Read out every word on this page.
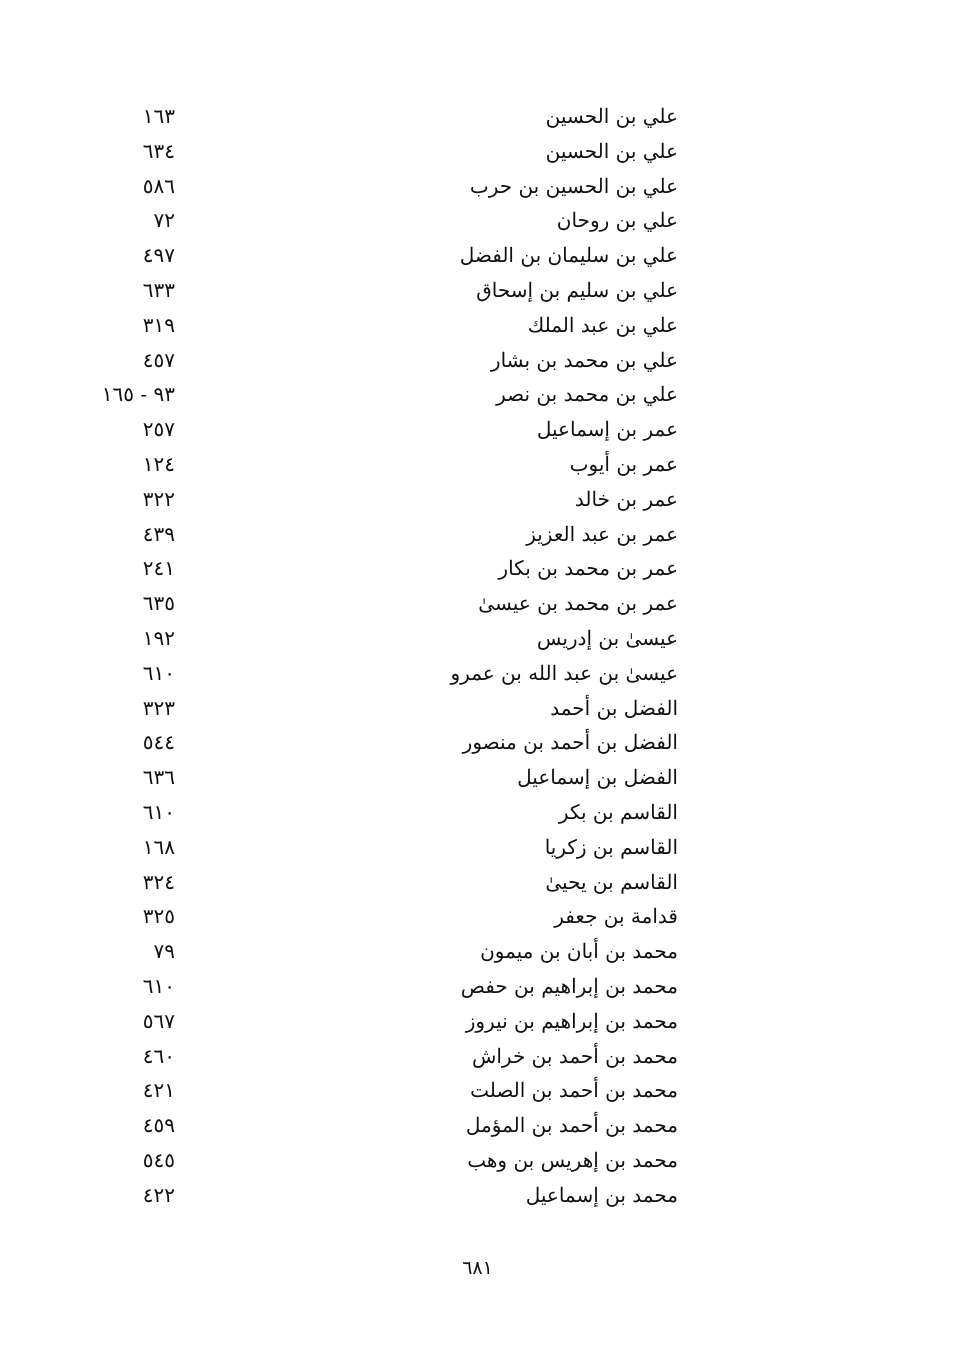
علي بن الحسين
١٦٣
علي بن الحسين
٦٣٤
علي بن الحسين بن حرب
٥٨٦
علي بن روحان
٧٢
علي بن سليمان بن الفضل
٤٩٧
علي بن سليم بن إسحاق
٦٣٣
علي بن عبد الملك
٣١٩
علي بن محمد بن بشار
٤٥٧
علي بن محمد بن نصر
٩٣ - ١٦٥
عمر بن إسماعيل
٢٥٧
عمر بن أيوب
١٢٤
عمر بن خالد
٣٢٢
عمر بن عبد العزيز
٤٣٩
عمر بن محمد بن بكار
٢٤١
عمر بن محمد بن عيسىٰ
٦٣٥
عيسىٰ بن إدريس
١٩٢
عيسىٰ بن عبد الله بن عمرو
٦١٠
الفضل بن أحمد
٣٢٣
الفضل بن أحمد بن منصور
٥٤٤
الفضل بن إسماعيل
٦٣٦
القاسم بن بكر
٦١٠
القاسم بن زكريا
١٦٨
القاسم بن يحيىٰ
٣٢٤
قدامة بن جعفر
٣٢٥
محمد بن أبان بن ميمون
٧٩
محمد بن إبراهيم بن حفص
٦١٠
محمد بن إبراهيم بن نيروز
٥٦٧
محمد بن أحمد بن خراش
٤٦٠
محمد بن أحمد بن الصلت
٤٢١
محمد بن أحمد بن المؤمل
٤٥٩
محمد بن إهريس بن وهب
٥٤٥
محمد بن إسماعيل
٤٢٢
٦٨١
